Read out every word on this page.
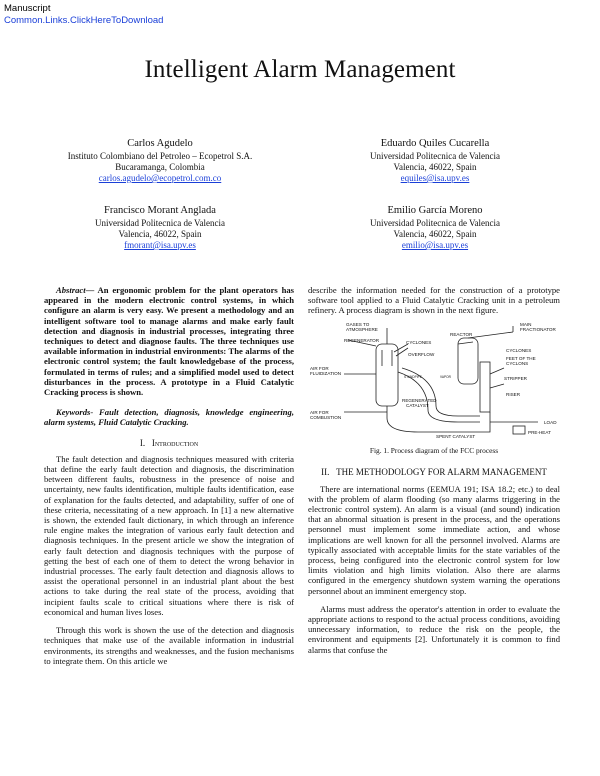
Manuscript
Common.Links.ClickHereToDownload
Intelligent Alarm Management
Carlos Agudelo
Instituto Colombiano del Petroleo – Ecopetrol S.A.
Bucaramanga, Colombia
carlos.agudelo@ecopetrol.com.co
Eduardo Quiles Cucarella
Universidad Politecnica de Valencia
Valencia, 46022, Spain
equiles@isa.upv.es
Francisco Morant Anglada
Universidad Politecnica de Valencia
Valencia, 46022, Spain
fmorant@isa.upv.es
Emilio García Moreno
Universidad Politecnica de Valencia
Valencia, 46022, Spain
emilio@isa.upv.es

Abstract— An ergonomic problem for the plant operators has appeared in the modern electronic control systems, in which configure an alarm is very easy. We present a methodology and an intelligent software tool to manage alarms and make early fault detection and diagnosis in industrial processes, integrating three techniques to detect and diagnose faults. The three techniques use available information in industrial environments: The alarms of the electronic control system; the fault knowledgebase of the process, formulated in terms of rules; and a simplified model used to detect disturbances in the process. A prototype in a Fluid Catalytic Cracking process is shown.

Keywords- Fault detection, diagnosis, knowledge engineering, alarm systems, Fluid Catalytic Cracking.

I. Introduction

The fault detection and diagnosis techniques measured with criteria that define the early fault detection and diagnosis, the discrimination between different faults, robustness in the presence of noise and uncertainty, new faults identification, multiple faults identification, ease of explanation for the faults detected, and adaptability, suffer of one of these criteria, necessitating of a new approach. In [1] a new alternative is shown, the extended fault dictionary, in which through an inference rule engine makes the integration of various early fault detection and diagnosis techniques. In the present article we show the integration of early fault detection and diagnosis techniques with the purpose of getting the best of each one of them to detect the wrong behavior in industrial processes. The early fault detection and diagnosis allows to assist the operational personnel in an industrial plant about the best actions to take during the real state of the process, avoiding that incipient faults scale to critical situations where there is risk of economical and human lives loses.

Through this work is shown the use of the detection and diagnosis techniques that make use of the available information in industrial environments, its strengths and weaknesses, and the fusion mechanisms to integrate them. On this article we

describe the information needed for the construction of a prototype software tool applied to a Fluid Catalytic Cracking unit in a petroleum refinery. A process diagram is shown in the next figure.

GASES TO
ATMOSPHERE
REGENERATOR	CYCLONES
REACTOR
MAIN
FRACTIONATOR
OVERFLOW
CYCLONES
AIR FOR
FLUIDIZATION
FEET OF THE
CYCLONS
STANDPIPE	VAPOR	STRIPPER
REGENERATED
CATALYST
RISER
AIR FOR
COMBUSTION
LOAD
SPENT CATALYST
PRE-HEAT

Fig. 1. Process diagram of the FCC process

II. THE METHODOLOGY FOR ALARM MANAGEMENT

There are international norms (EEMUA 191; ISA 18.2; etc.) to deal with the problem of alarm flooding (so many alarms triggering in the electronic control system). An alarm is a visual (and sound) indication that an abnormal situation is present in the process, and the operations personnel must implement some immediate action, and whose implications are well known for all the personnel involved. Alarms are typically associated with acceptable limits for the state variables of the process, being configured into the electronic control system for low limits violation and high limits violation. Also there are alarms configured in the emergency shutdown system warning the operations personnel about an imminent emergency stop.

Alarms must address the operator's attention in order to evaluate the appropriate actions to respond to the actual process conditions, avoiding unnecessary information, to reduce the risk on the people, the environment and equipments [2]. Unfortunately it is common to find alarms that confuse the
